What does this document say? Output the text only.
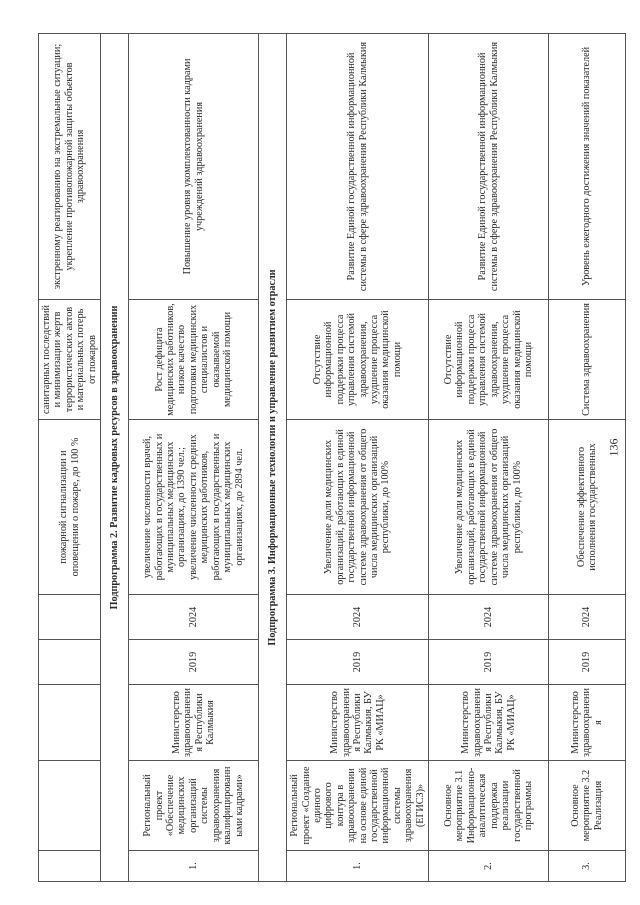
					пожарной сигнализации и оповещения о пожаре, до 100 %	санитарных последствий и минимизации жертв террористических актов и материальных потерь от пожаров	экстренному реагированию на экстремальные ситуации; укрепление противопожарной защиты объектов здравоохранения
Подпрограмма 2. Развитие кадровых ресурсов в здравоохранении							
1.	Региональный проект «Обеспечение медицинских организаций системы здравоохранения квалифицированными кадрами»	Министерство здравоохранения Республики Калмыкия	2019	2024	увеличение численности врачей, работающих в государственных и муниципальных медицинских организациях, до 1390 чел.; увеличение численности средних медицинских работников, работающих в государственных и муниципальных медицинских организациях, до 2894 чел.	Рост дефицита медицинских работников, низкое качество подготовки медицинских специалистов и оказываемой медицинской помощи	Повышение уровня укомплектованности кадрами учреждений здравоохранения
Подпрограмма 3. Информационные технологии и управление развитием отрасли							
1.	Региональный проект «Создание единого цифрового контура в здравоохранении на основе единой государственной информационной системы здравоохранения (ЕГИСЗ)»	Министерство здравоохранения Республики Калмыкия, БУ РК «МИАЦ»	2019	2024	Увеличение доли медицинских организаций, работающих в единой государственной информационной системе здравоохранения от общего числа медицинских организаций республики, до 100%	Отсутствие информационной поддержки процесса управления системой здравоохранения, ухудшение процесса оказания медицинской помощи	Развитие Единой государственной информационной системы в сфере здравоохранения Республики Калмыкия
2.	Основное мероприятие 3.1 Информационно-аналитическая поддержка реализации государственной программы	Министерство здравоохранения Республики Калмыкия, БУ РК «МИАЦ»	2019	2024	Увеличение доли медицинских организаций, работающих в единой государственной информационной системе здравоохранения от общего числа медицинских организаций республики, до 100%	Отсутствие информационной поддержки процесса управления системой здравоохранения, ухудшение процесса оказания медицинской помощи	Развитие Единой государственной информационной системы в сфере здравоохранения Республики Калмыкия
3.	Основное мероприятие 3.2 Реализация	Министерство здравоохранения	2019	2024	Обеспечение эффективного исполнения государственных	Система здравоохранения	Уровень ежегодного достижения значений показателей
136
